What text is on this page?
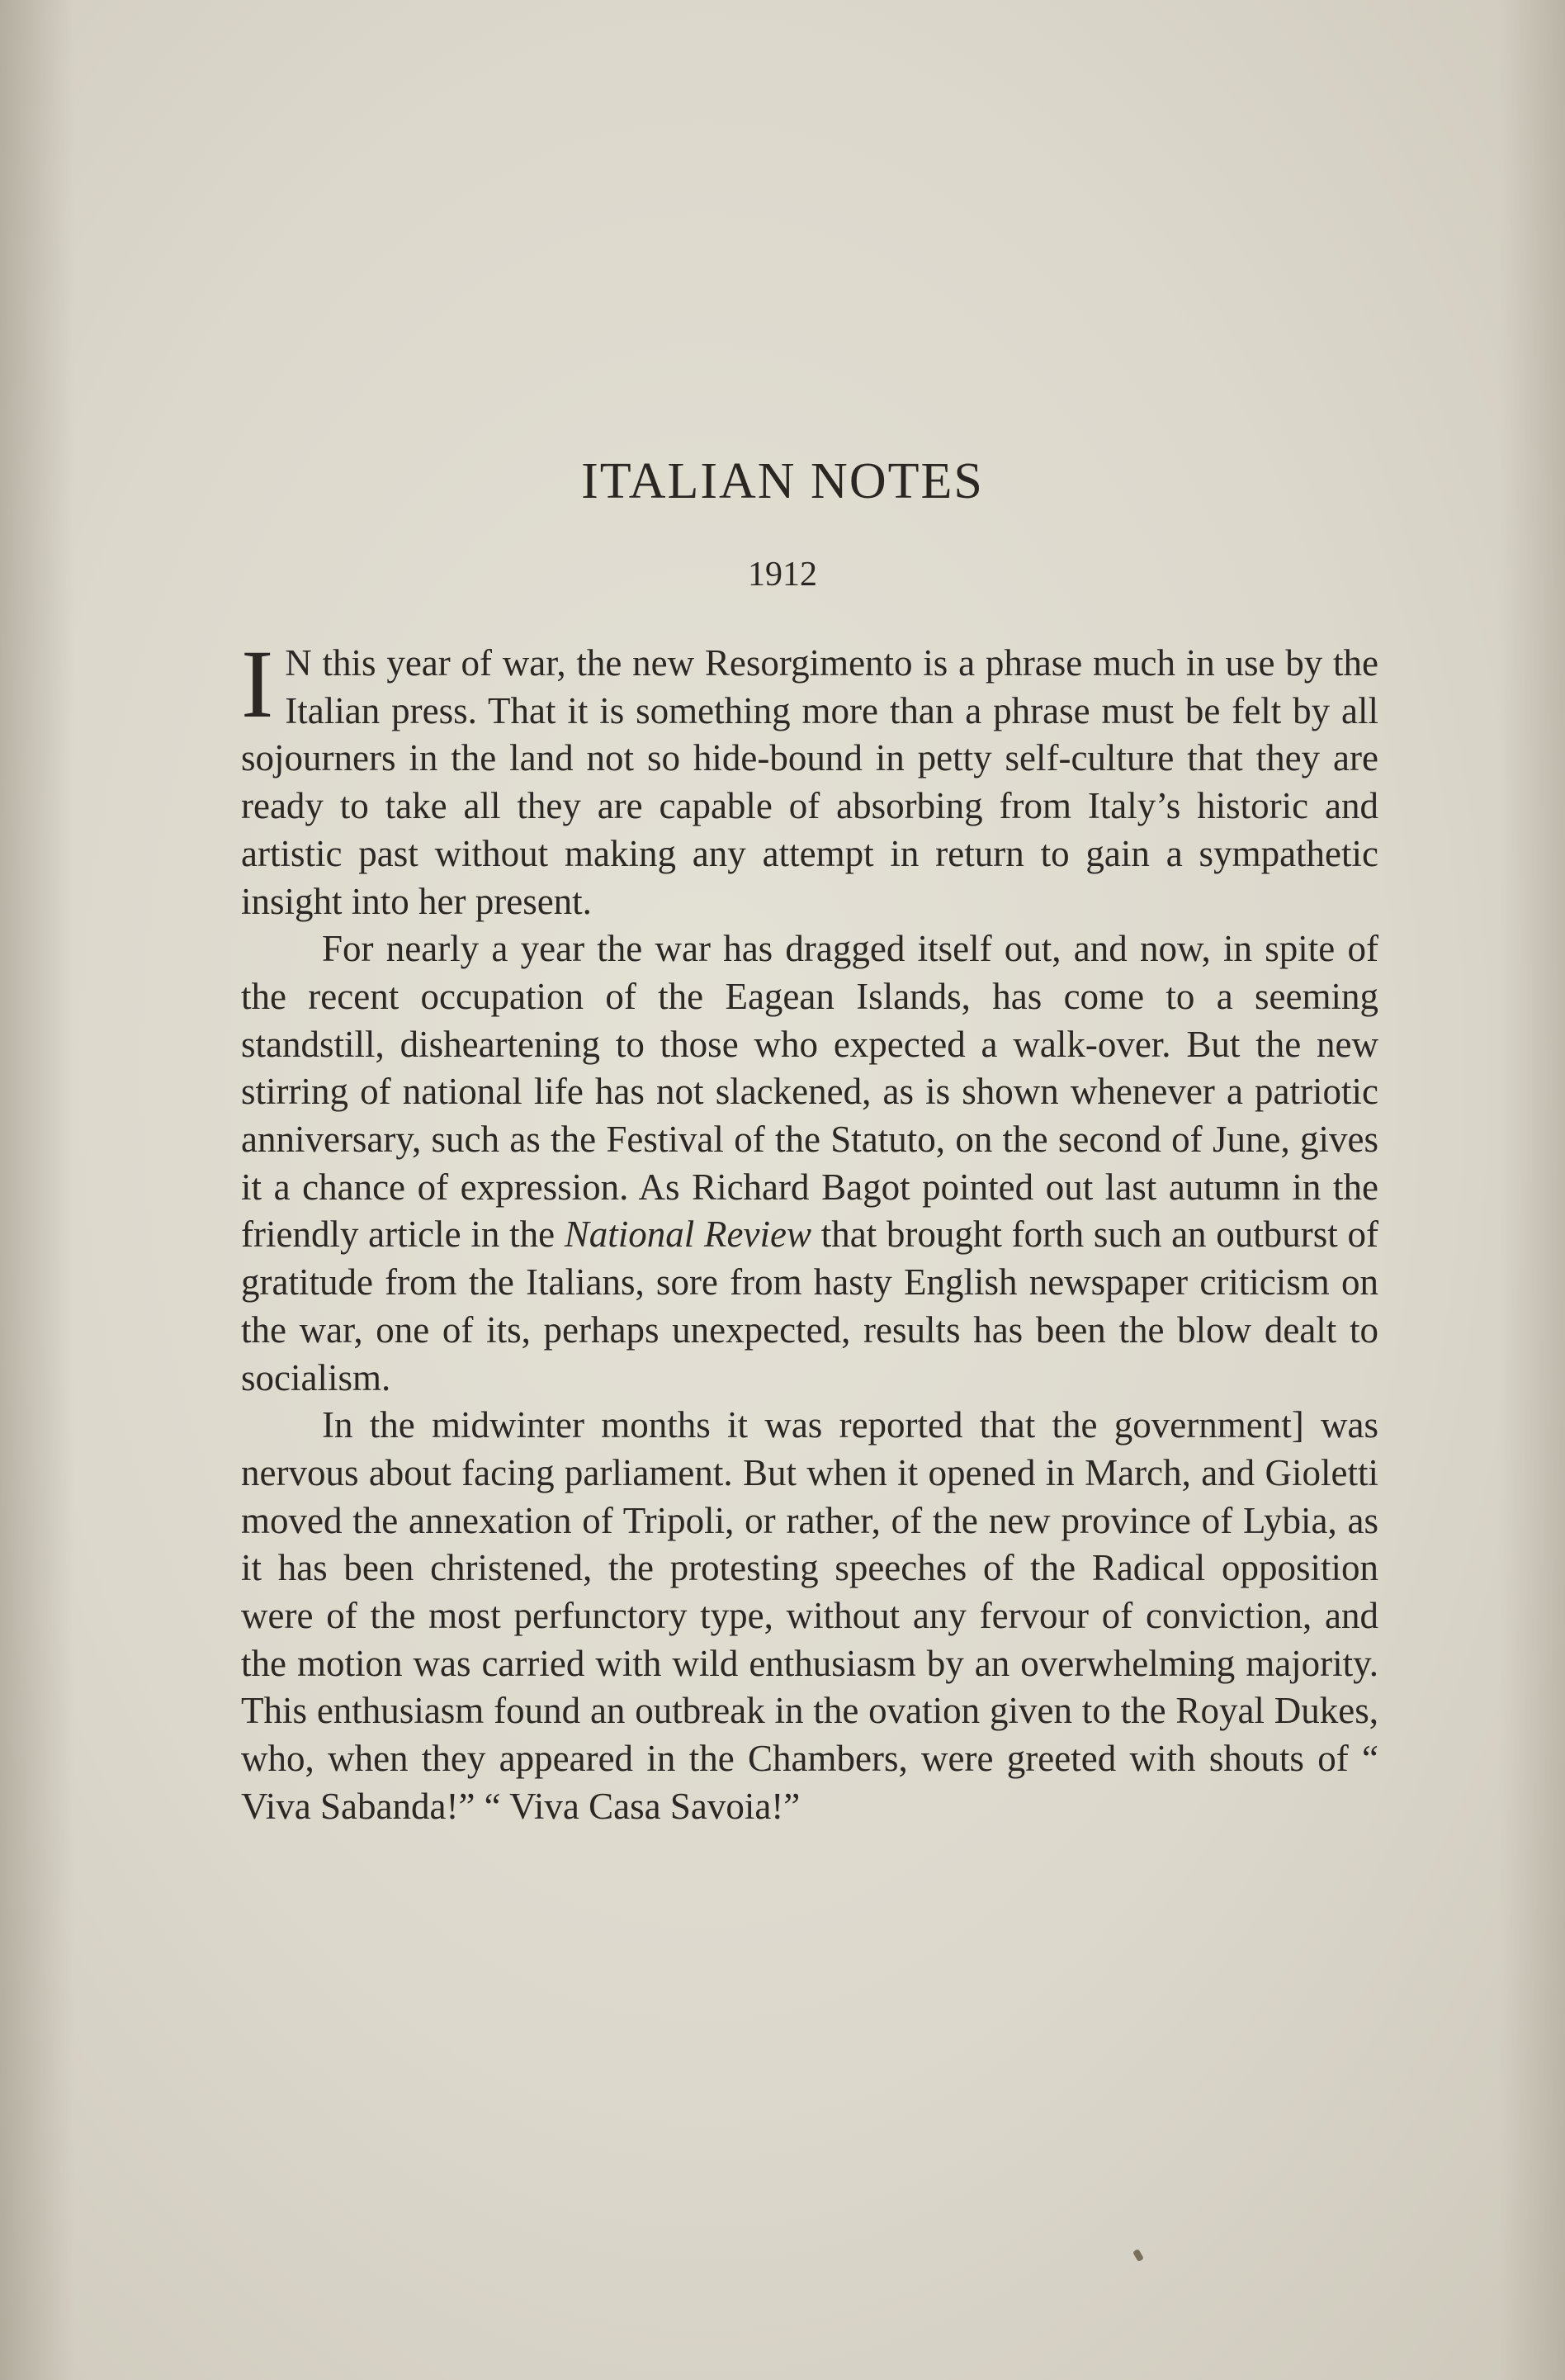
ITALIAN NOTES
1912

I N this year of war, the new Resorgimento is a phrase much in use by the Italian press. That it is something more than a phrase must be felt by all sojourners in the land not so hide-bound in petty self-culture that they are ready to take all they are capable of absorbing from Italy’s historic and artistic past without making any attempt in return to gain a sympathetic insight into her present.

For nearly a year the war has dragged itself out, and now, in spite of the recent occupation of the Eagean Islands, has come to a seeming standstill, disheartening to those who expected a walk-over. But the new stirring of national life has not slackened, as is shown whenever a patriotic anniversary, such as the Festival of the Statuto, on the second of June, gives it a chance of expression. As Richard Bagot pointed out last autumn in the friendly article in the National Review that brought forth such an outburst of gratitude from the Italians, sore from hasty English newspaper criticism on the war, one of its, perhaps unexpected, results has been the blow dealt to socialism.

In the midwinter months it was reported that the government] was nervous about facing parliament. But when it opened in March, and Gioletti moved the annexation of Tripoli, or rather, of the new province of Lybia, as it has been christened, the protesting speeches of the Radical opposition were of the most perfunctory type, without any fervour of conviction, and the motion was carried with wild enthusiasm by an overwhelming majority. This enthusiasm found an outbreak in the ovation given to the Royal Dukes, who, when they appeared in the Chambers, were greeted with shouts of “ Viva Sabanda!” “ Viva Casa Savoia!”
